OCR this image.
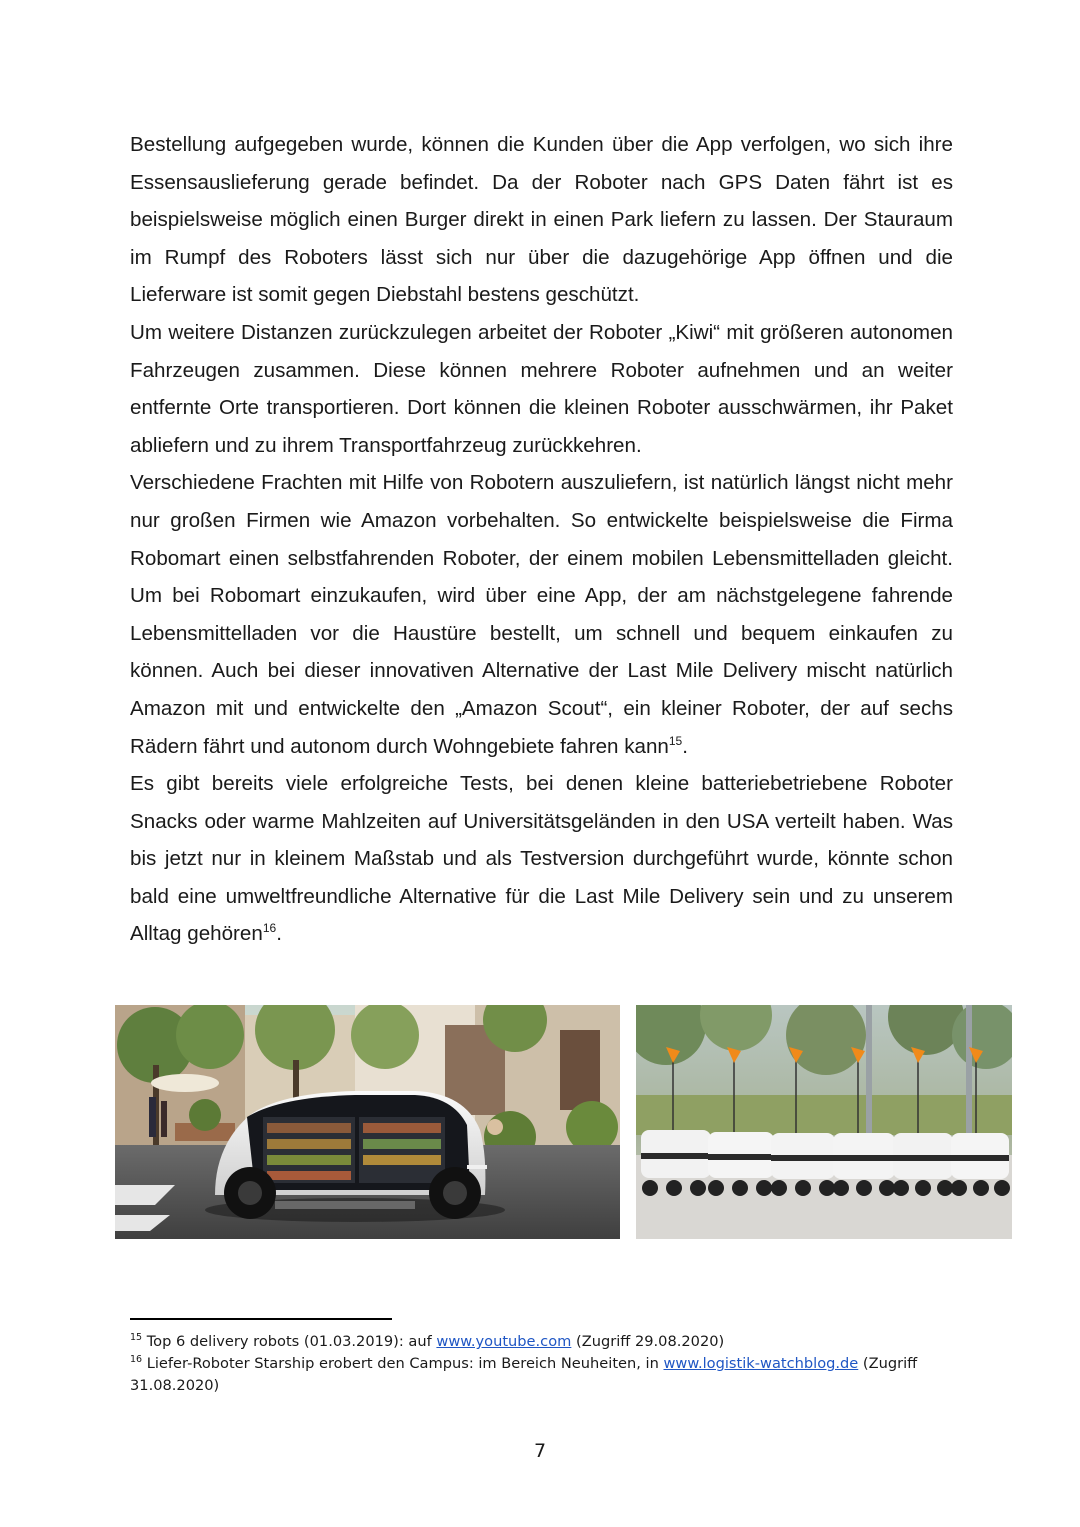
Bestellung aufgegeben wurde, können die Kunden über die App verfolgen, wo sich ihre Essensauslieferung gerade befindet. Da der Roboter nach GPS Daten fährt ist es beispielsweise möglich einen Burger direkt in einen Park liefern zu lassen. Der Stauraum im Rumpf des Roboters lässt sich nur über die dazugehörige App öffnen und die Lieferware ist somit gegen Diebstahl bestens geschützt.

Um weitere Distanzen zurückzulegen arbeitet der Roboter „Kiwi“ mit größeren autonomen Fahrzeugen zusammen. Diese können mehrere Roboter aufnehmen und an weiter entfernte Orte transportieren. Dort können die kleinen Roboter ausschwärmen, ihr Paket abliefern und zu ihrem Transportfahrzeug zurückkehren.

Verschiedene Frachten mit Hilfe von Robotern auszuliefern, ist natürlich längst nicht mehr nur großen Firmen wie Amazon vorbehalten. So entwickelte beispielsweise die Firma Robomart einen selbstfahrenden Roboter, der einem mobilen Lebensmittelladen gleicht. Um bei Robomart einzukaufen, wird über eine App, der am nächstgelegene fahrende Lebensmittelladen vor die Haustüre bestellt, um schnell und bequem einkaufen zu können. Auch bei dieser innovativen Alternative der Last Mile Delivery mischt natürlich Amazon mit und entwickelte den „Amazon Scout“, ein kleiner Roboter, der auf sechs Rädern fährt und autonom durch Wohngebiete fahren kann$^{15}$.

Es gibt bereits viele erfolgreiche Tests, bei denen kleine batteriebetriebene Roboter Snacks oder warme Mahlzeiten auf Universitätsgeländen in den USA verteilt haben. Was bis jetzt nur in kleinem Maßstab und als Testversion durchgeführt wurde, könnte schon bald eine umweltfreundliche Alternative für die Last Mile Delivery sein und zu unserem Alltag gehören$^{16}$.

$^{15}$ Top 6 delivery robots (01.03.2019): auf www.youtube.com (Zugriff 29.08.2020)

$^{16}$ Liefer-Roboter Starship erobert den Campus: im Bereich Neuheiten, in www.logistik-watchblog.de (Zugriff 31.08.2020)

7
